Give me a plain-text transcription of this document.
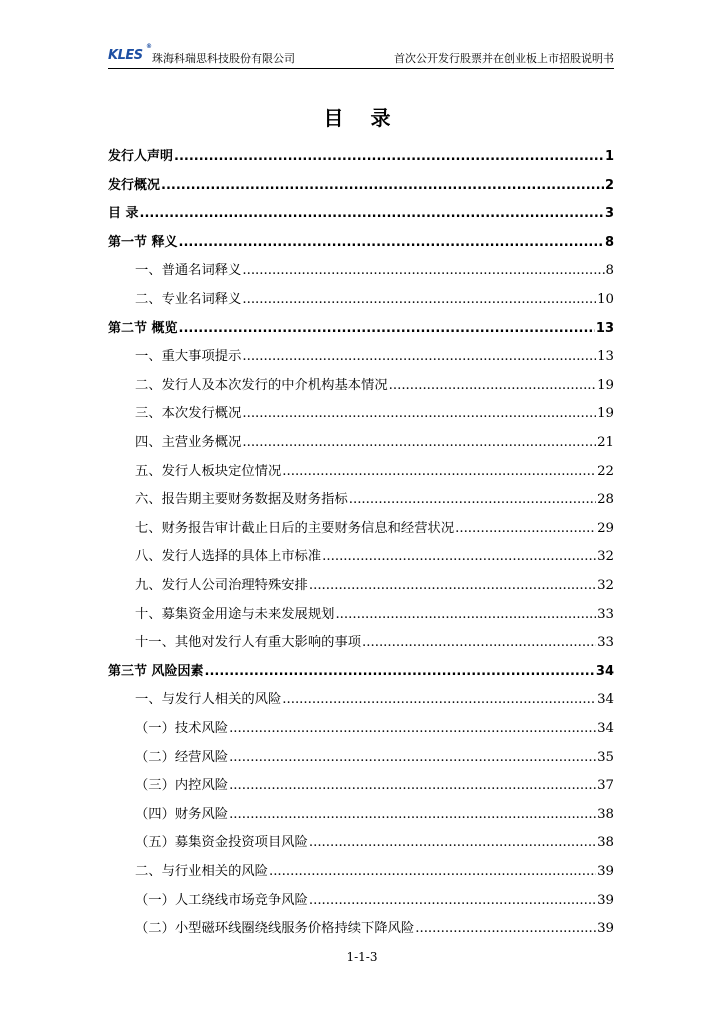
KLES
®
珠海科瑞思科技股份有限公司	首次公开发行股票并在创业板上市招股说明书
目 录
发行人声明 .....	1
发行概况 .....	2
目 录 .....	3
第一节 释义 .....	8
一、普通名词释义 .....	8
二、专业名词释义 .....	10
第二节 概览 .....	13
一、重大事项提示 .....	13
二、发行人及本次发行的中介机构基本情况 .....	19
三、本次发行概况 .....	19
四、主营业务概况 .....	21
五、发行人板块定位情况 .....	22
六、报告期主要财务数据及财务指标 .....	28
七、财务报告审计截止日后的主要财务信息和经营状况 .....	29
八、发行人选择的具体上市标准 .....	32
九、发行人公司治理特殊安排 .....	32
十、募集资金用途与未来发展规划 .....	33
十一、其他对发行人有重大影响的事项 .....	33
第三节 风险因素 .....	34
一、与发行人相关的风险 .....	34
（一）技术风险 .....	34
（二）经营风险 .....	35
（三）内控风险 .....	37
（四）财务风险 .....	38
（五）募集资金投资项目风险 .....	38
二、与行业相关的风险 .....	39
（一）人工绕线市场竞争风险 .....	39
（二）小型磁环线圈绕线服务价格持续下降风险 .....	39
1-1-3
